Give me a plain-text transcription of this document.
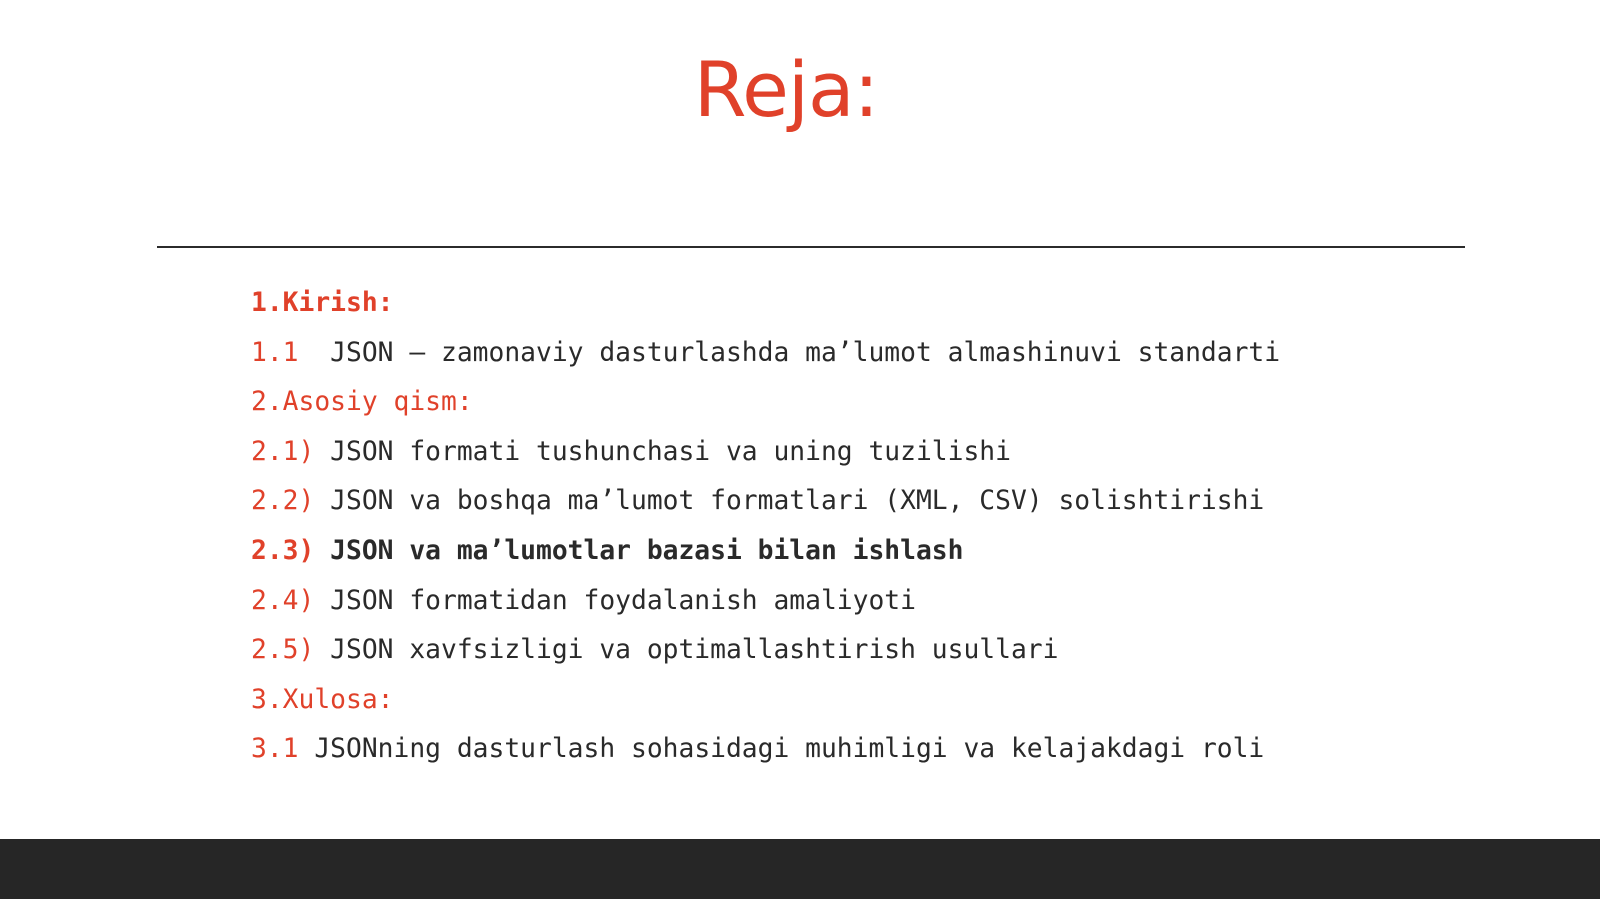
Reja:

1.Kirish:

1.1  JSON – zamonaviy dasturlashda ma’lumot almashinuvi standarti

2.Asosiy qism:

2.1) JSON formati tushunchasi va uning tuzilishi

2.2) JSON va boshqa ma’lumot formatlari (XML, CSV) solishtirishi

2.3) JSON va ma’lumotlar bazasi bilan ishlash

2.4) JSON formatidan foydalanish amaliyoti

2.5) JSON xavfsizligi va optimallashtirish usullari

3.Xulosa:

3.1 JSONning dasturlash sohasidagi muhimligi va kelajakdagi roli
